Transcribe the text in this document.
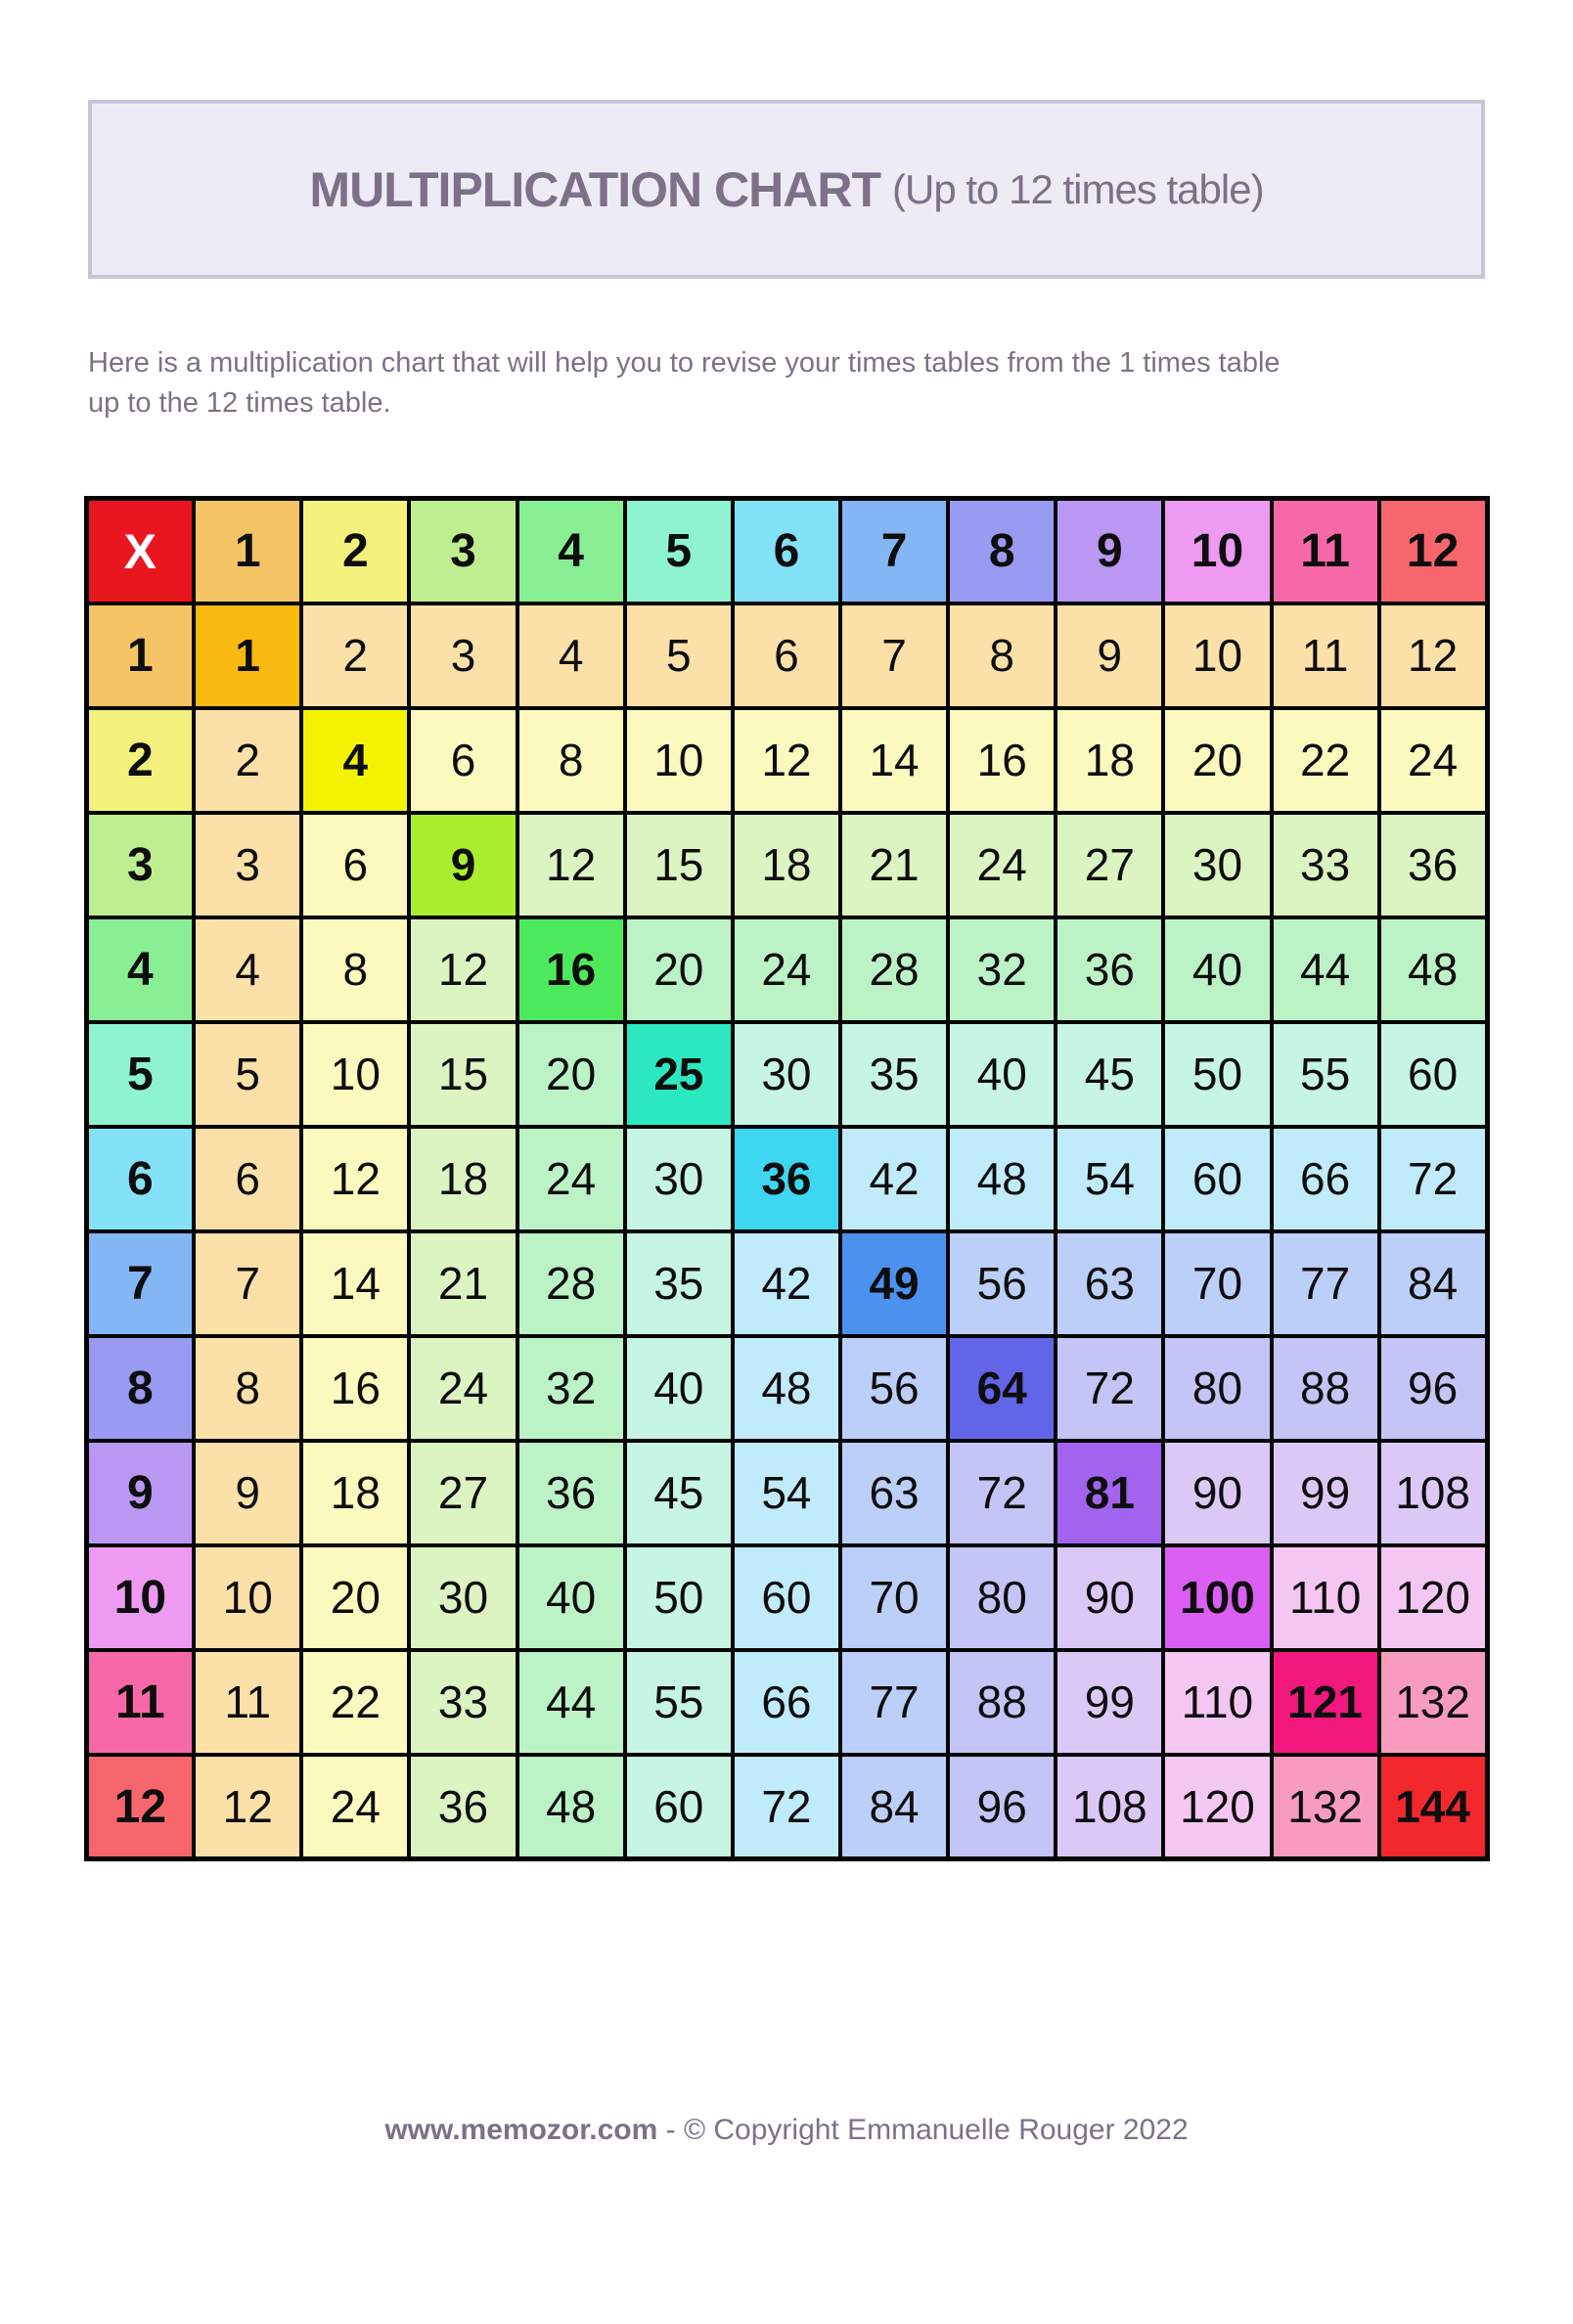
MULTIPLICATION CHART (Up to 12 times table)
Here is a multiplication chart that will help you to revise your times tables from the 1 times table
up to the 12 times table.
X	1	2	3	4	5	6	7	8	9	10	11	12
1	1	2	3	4	5	6	7	8	9	10	11	12
2	2	4	6	8	10	12	14	16	18	20	22	24
3	3	6	9	12	15	18	21	24	27	30	33	36
4	4	8	12	16	20	24	28	32	36	40	44	48
5	5	10	15	20	25	30	35	40	45	50	55	60
6	6	12	18	24	30	36	42	48	54	60	66	72
7	7	14	21	28	35	42	49	56	63	70	77	84
8	8	16	24	32	40	48	56	64	72	80	88	96
9	9	18	27	36	45	54	63	72	81	90	99	108
10	10	20	30	40	50	60	70	80	90	100	110	120
11	11	22	33	44	55	66	77	88	99	110	121	132
12	12	24	36	48	60	72	84	96	108	120	132	144
www.memozor.com - © Copyright Emmanuelle Rouger 2022
